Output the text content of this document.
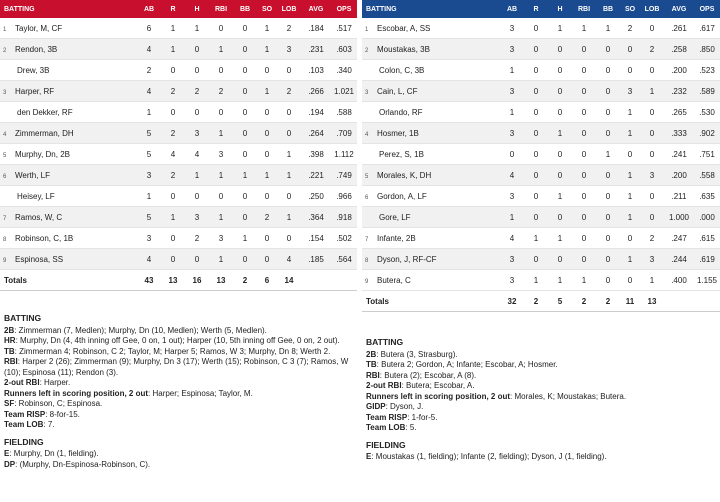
BATTING	AB	R	H	RBI	BB	SO	LOB	AVG	OPS
1 Taylor, M, CF	6	1	1	0	0	1	2	.184	.517
2 Rendon, 3B	4	1	0	1	0	1	3	.231	.603
Drew, 3B	2	0	0	0	0	0	0	.103	.340
3 Harper, RF	4	2	2	2	0	1	2	.266	1.021
den Dekker, RF	1	0	0	0	0	0	0	.194	.588
4 Zimmerman, DH	5	2	3	1	0	0	0	.264	.709
5 Murphy, Dn, 2B	5	4	4	3	0	0	1	.398	1.112
6 Werth, LF	3	2	1	1	1	1	1	.221	.749
Heisey, LF	1	0	0	0	0	0	0	.250	.966
7 Ramos, W, C	5	1	3	1	0	2	1	.364	.918
8 Robinson, C, 1B	3	0	2	3	1	0	0	.154	.502
9 Espinosa, SS	4	0	0	1	0	0	4	.185	.564
Totals	43	13	16	13	2	6	14		
BATTING	AB	R	H	RBI	BB	SO	LOB	AVG	OPS
1 Escobar, A, SS	3	0	1	1	1	2	0	.261	.617
2 Moustakas, 3B	3	0	0	0	0	0	2	.258	.850
Colon, C, 3B	1	0	0	0	0	0	0	.200	.523
3 Cain, L, CF	3	0	0	0	0	3	1	.232	.589
Orlando, RF	1	0	0	0	0	1	0	.265	.530
4 Hosmer, 1B	3	0	1	0	0	1	0	.333	.902
Perez, S, 1B	0	0	0	0	1	0	0	.241	.751
5 Morales, K, DH	4	0	0	0	0	1	3	.200	.558
6 Gordon, A, LF	3	0	1	0	0	1	0	.211	.635
Gore, LF	1	0	0	0	0	1	0	1.000	.000
7 Infante, 2B	4	1	1	0	0	0	2	.247	.615
8 Dyson, J, RF-CF	3	0	0	0	0	1	3	.244	.619
9 Butera, C	3	1	1	1	0	0	1	.400	1.155
Totals	32	2	5	2	2	11	13		
BATTING
2B: Zimmerman (7, Medlen); Murphy, Dn (10, Medlen); Werth (5, Medlen).
HR: Murphy, Dn (4, 4th inning off Gee, 0 on, 1 out); Harper (10, 5th inning off Gee, 0 on, 2 out).
TB: Zimmerman 4; Robinson, C 2; Taylor, M; Harper 5; Ramos, W 3; Murphy, Dn 8; Werth 2.
RBI: Harper 2 (26); Zimmerman (9); Murphy, Dn 3 (17); Werth (15); Robinson, C 3 (7); Ramos, W (10); Espinosa (11); Rendon (3).
2-out RBI: Harper.
Runners left in scoring position, 2 out: Harper; Espinosa; Taylor, M.
SF: Robinson, C; Espinosa.
Team RISP: 8-for-15.
Team LOB: 7.
FIELDING
E: Murphy, Dn (1, fielding).
DP: (Murphy, Dn-Espinosa-Robinson, C).
BATTING
2B: Butera (3, Strasburg).
TB: Butera 2; Gordon, A; Infante; Escobar, A; Hosmer.
RBI: Butera (2); Escobar, A (8).
2-out RBI: Butera; Escobar, A.
Runners left in scoring position, 2 out: Morales, K; Moustakas; Butera.
GIDP: Dyson, J.
Team RISP: 1-for-5.
Team LOB: 5.
FIELDING
E: Moustakas (1, fielding); Infante (2, fielding); Dyson, J (1, fielding).
